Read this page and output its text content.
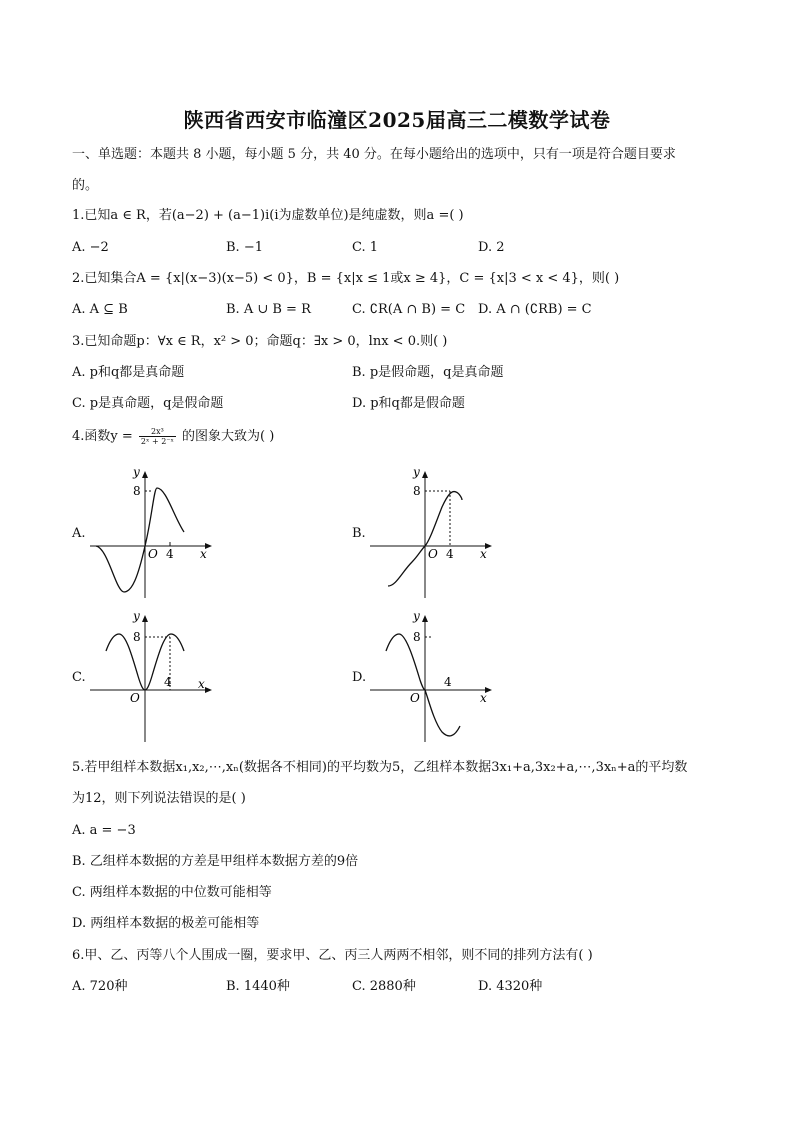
陕西省西安市临潼区2025届高三二模数学试卷
一、单选题：本题共 8 小题，每小题 5 分，共 40 分。在每小题给出的选项中，只有一项是符合题目要求
的。
1.已知a ∈ R，若(a−2) + (a−1)i(i为虚数单位)是纯虚数，则a =( )
A. −2	B. −1	C. 1	D. 2
2.已知集合A = {x|(x−3)(x−5) < 0}，B = {x|x ≤ 1或x ≥ 4}，C = {x|3 < x < 4}，则( )
A. A ⊆ B	B. A ∪ B = R	C. ∁R(A ∩ B) = C D. A ∩ (∁RB) = C
3.已知命题p：∀x ∈ R，x² > 0；命题q：∃x > 0，lnx < 0.则( )
A. p和q都是真命题	B. p是假命题，q是真命题
C. p是真命题，q是假命题	D. p和q都是假命题
4.函数$y = \frac{\text{2x³}}{\text{2ˣ + 2⁻ˣ}}$ 的图象大致为( )
A.
y
8
O 4 x
B.
y
8
O 4 x
C.
y
8
O
4 x	D.
y
8
O
4
x
5.若甲组样本数据x₁,x₂,⋯,xₙ(数据各不相同)的平均数为5，乙组样本数据3x₁+a,3x₂+a,⋯,3xₙ+a的平均数
为12，则下列说法错误的是( )
A. a = −3
B. 乙组样本数据的方差是甲组样本数据方差的9倍
C. 两组样本数据的中位数可能相等
D. 两组样本数据的极差可能相等
6.甲、乙、丙等八个人围成一圈，要求甲、乙、丙三人两两不相邻，则不同的排列方法有( )
A. 720种	B. 1440种	C. 2880种	D. 4320种
